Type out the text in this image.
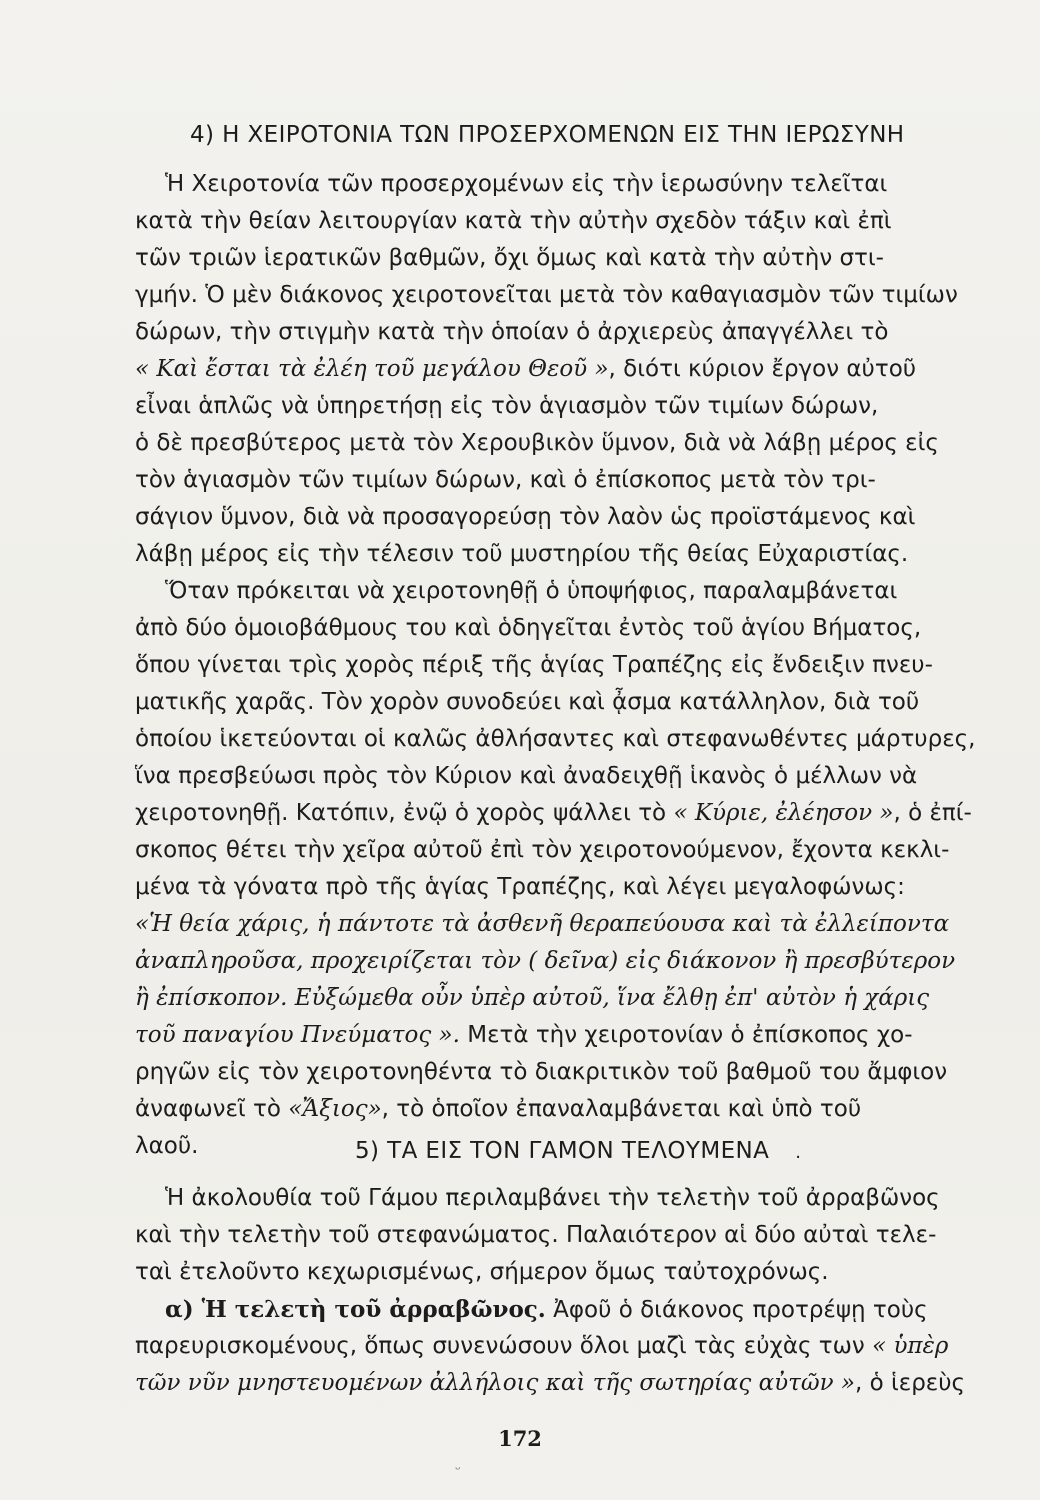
4) Η ΧΕΙΡΟΤΟΝΙΑ ΤΩΝ ΠΡΟΣΕΡΧΟΜΕΝΩΝ ΕΙΣ ΤΗΝ ΙΕΡΩΣΥΝΗ
Ἡ Χειροτονία τῶν προσερχομένων εἰς τὴν ἱερωσύνην τελεῖται
κατὰ τὴν θείαν λειτουργίαν κατὰ τὴν αὐτὴν σχεδὸν τάξιν καὶ ἐπὶ
τῶν τριῶν ἱερατικῶν βαθμῶν, ὄχι ὅμως καὶ κατὰ τὴν αὐτὴν στι-
γμήν. Ὁ μὲν διάκονος χειροτονεῖται μετὰ τὸν καθαγιασμὸν τῶν τιμίων
δώρων, τὴν στιγμὴν κατὰ τὴν ὁποίαν ὁ ἀρχιερεὺς ἀπαγγέλλει τὸ
« Καὶ ἔσται τὰ ἐλέη τοῦ μεγάλου Θεοῦ », διότι κύριον ἔργον αὐτοῦ
εἶναι ἁπλῶς νὰ ὑπηρετήσῃ εἰς τὸν ἁγιασμὸν τῶν τιμίων δώρων,
ὁ δὲ πρεσβύτερος μετὰ τὸν Χερουβικὸν ὕμνον, διὰ νὰ λάβῃ μέρος εἰς
τὸν ἁγιασμὸν τῶν τιμίων δώρων, καὶ ὁ ἐπίσκοπος μετὰ τὸν τρι-
σάγιον ὕμνον, διὰ νὰ προσαγορεύσῃ τὸν λαὸν ὡς προϊστάμενος καὶ
λάβῃ μέρος εἰς τὴν τέλεσιν τοῦ μυστηρίου τῆς θείας Εὐχαριστίας.
Ὅταν πρόκειται νὰ χειροτονηθῇ ὁ ὑποψήφιος, παραλαμβάνεται
ἀπὸ δύο ὁμοιοβάθμους του καὶ ὁδηγεῖται ἐντὸς τοῦ ἁγίου Βήματος,
ὅπου γίνεται τρὶς χορὸς πέριξ τῆς ἁγίας Τραπέζης εἰς ἔνδειξιν πνευ-
ματικῆς χαρᾶς. Τὸν χορὸν συνοδεύει καὶ ᾆσμα κατάλληλον, διὰ τοῦ
ὁποίου ἱκετεύονται οἱ καλῶς ἀθλήσαντες καὶ στεφανωθέντες μάρτυρες,
ἵνα πρεσβεύωσι πρὸς τὸν Κύριον καὶ ἀναδειχθῇ ἱκανὸς ὁ μέλλων νὰ
χειροτονηθῇ. Κατόπιν, ἐνῷ ὁ χορὸς ψάλλει τὸ « Κύριε, ἐλέησον », ὁ ἐπί-
σκοπος θέτει τὴν χεῖρα αὐτοῦ ἐπὶ τὸν χειροτονούμενον, ἔχοντα κεκλι-
μένα τὰ γόνατα πρὸ τῆς ἁγίας Τραπέζης, καὶ λέγει μεγαλοφώνως:
«Ἡ θεία χάρις, ἡ πάντοτε τὰ ἀσθενῆ θεραπεύουσα καὶ τὰ ἐλλείποντα
ἀναπληροῦσα, προχειρίζεται τὸν ( δεῖνα) εἰς διάκονον ἢ πρεσβύτερον
ἢ ἐπίσκοπον. Εὐξώμεθα οὖν ὑπὲρ αὐτοῦ, ἵνα ἔλθῃ ἐπ' αὐτὸν ἡ χάρις
τοῦ παναγίου Πνεύματος ». Μετὰ τὴν χειροτονίαν ὁ ἐπίσκοπος χο-
ρηγῶν εἰς τὸν χειροτονηθέντα τὸ διακριτικὸν τοῦ βαθμοῦ του ἄμφιον
ἀναφωνεῖ τὸ «Ἄξιος», τὸ ὁποῖον ἐπαναλαμβάνεται καὶ ὑπὸ τοῦ
λαοῦ.	5) ΤΑ ΕΙΣ ΤΟΝ ΓΑΜΟΝ ΤΕΛΟΥΜΕΝΑ .
Ἡ ἀκολουθία τοῦ Γάμου περιλαμβάνει τὴν τελετὴν τοῦ ἀρραβῶνος
καὶ τὴν τελετὴν τοῦ στεφανώματος. Παλαιότερον αἱ δύο αὐταὶ τελε-
ταὶ ἐτελοῦντο κεχωρισμένως, σήμερον ὅμως ταὐτοχρόνως.
α) Ἡ τελετὴ τοῦ ἀρραβῶνος. Ἀφοῦ ὁ διάκονος προτρέψῃ τοὺς
παρευρισκομένους, ὅπως συνενώσουν ὅλοι μαζὶ τὰς εὐχὰς των « ὑπὲρ
τῶν νῦν μνηστευομένων ἀλλήλοις καὶ τῆς σωτηρίας αὐτῶν », ὁ ἱερεὺς
172
ᵕ
